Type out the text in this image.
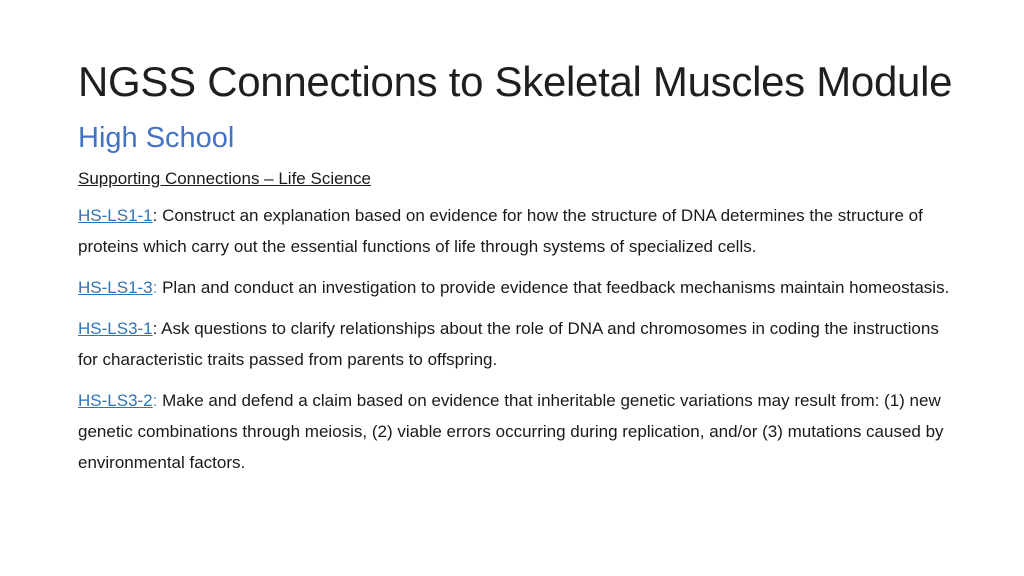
NGSS Connections to Skeletal Muscles Module
High School

Supporting Connections – Life Science

HS-LS1-1: Construct an explanation based on evidence for how the structure of DNA determines the structure of proteins which carry out the essential functions of life through systems of specialized cells.

HS-LS1-3: Plan and conduct an investigation to provide evidence that feedback mechanisms maintain homeostasis.

HS-LS3-1: Ask questions to clarify relationships about the role of DNA and chromosomes in coding the instructions for characteristic traits passed from parents to offspring.

HS-LS3-2: Make and defend a claim based on evidence that inheritable genetic variations may result from: (1) new genetic combinations through meiosis, (2) viable errors occurring during replication, and/or (3) mutations caused by environmental factors.
